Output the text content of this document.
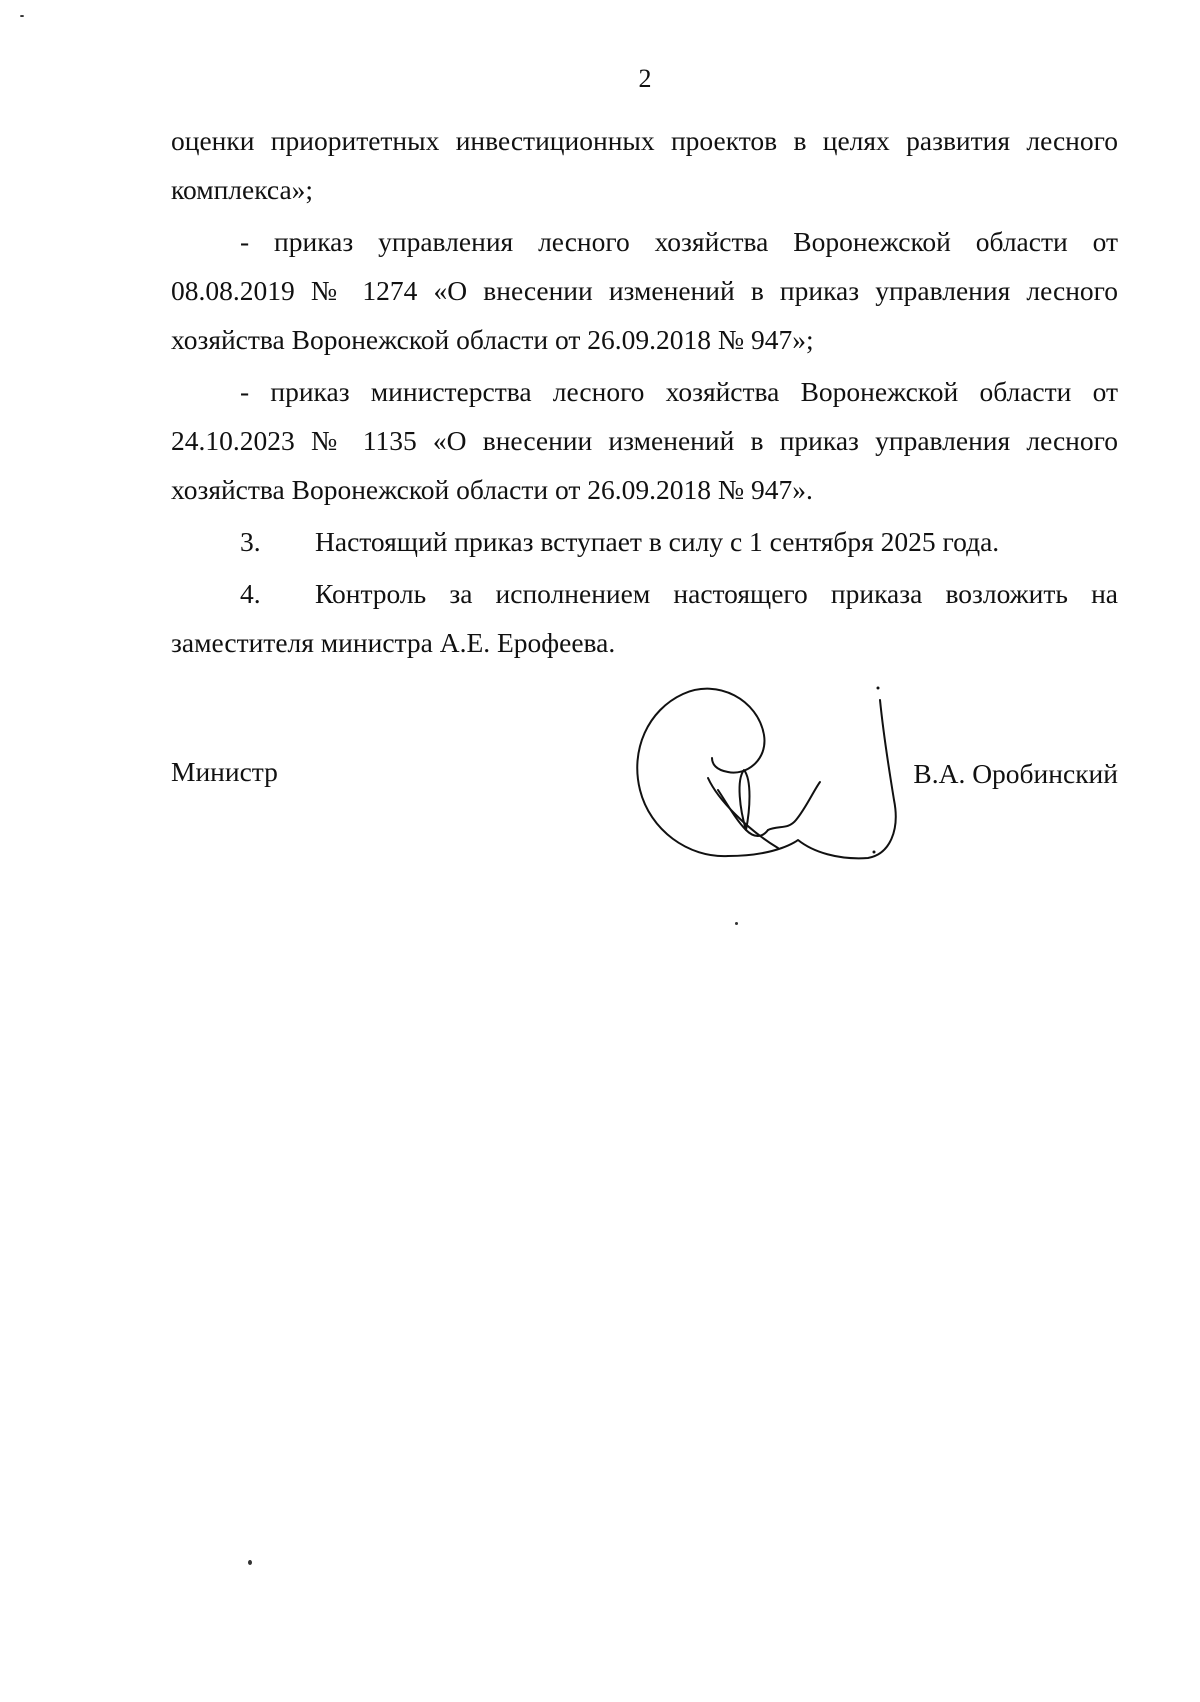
2

оценки приоритетных инвестиционных проектов в целях развития лесного

комплекса»;

- приказ управления лесного хозяйства Воронежской области от 08.08.2019 № 1274 «О внесении изменений в приказ управления лесного хозяйства Воронежской области от 26.09.2018 № 947»;

- приказ министерства лесного хозяйства Воронежской области от 24.10.2023 № 1135 «О внесении изменений в приказ управления лесного хозяйства Воронежской области от 26.09.2018 № 947».

3.	Настоящий приказ вступает в силу с 1 сентября 2025 года.
4.	Контроль за исполнением настоящего приказа возложить на

заместителя министра А.Е. Ерофеева.

Министр	В.А. Оробинский
